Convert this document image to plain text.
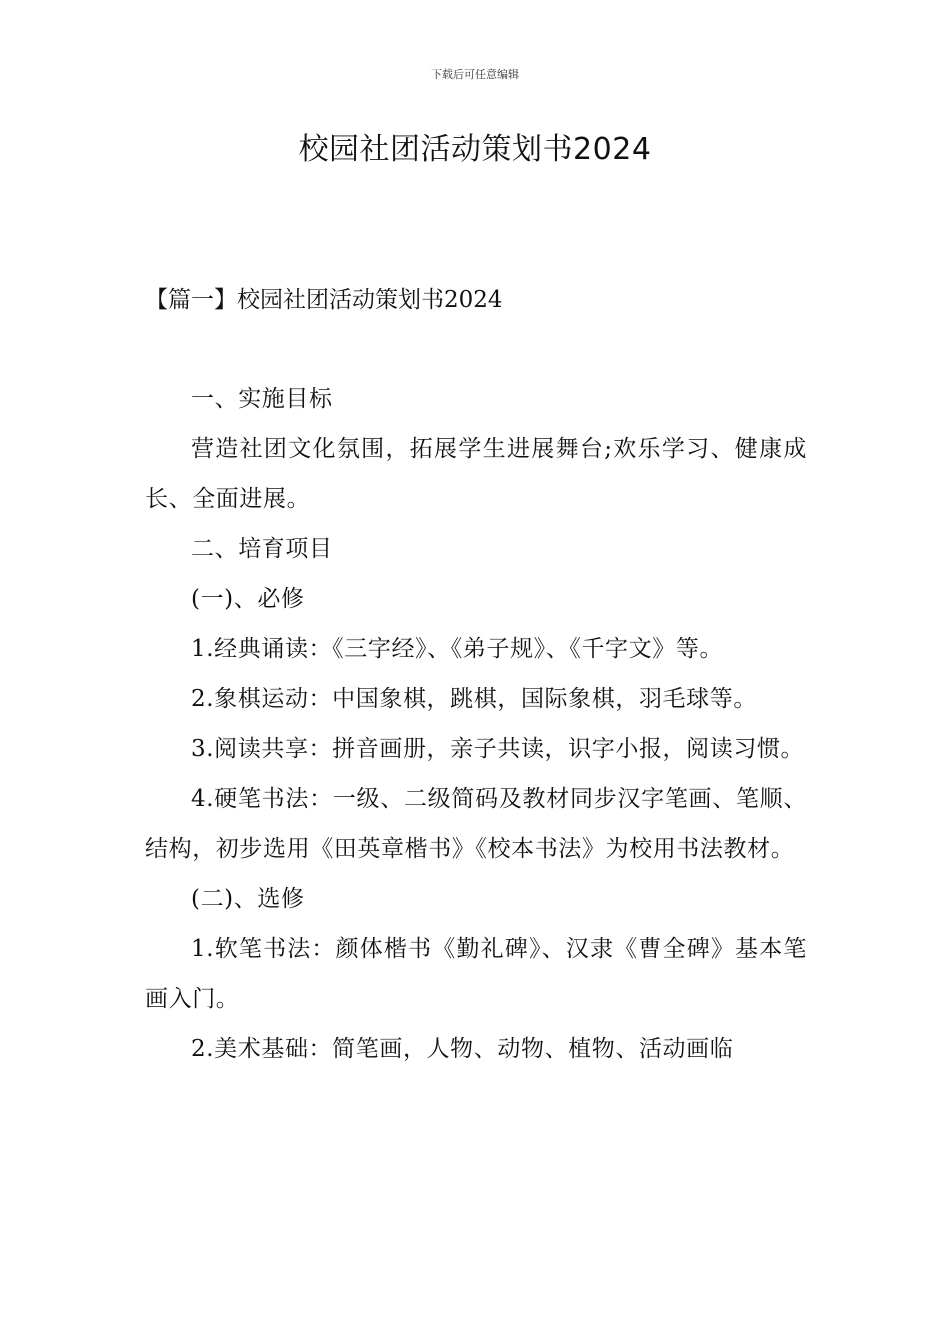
下载后可任意编辑
校园社团活动策划书2024
【篇一】校园社团活动策划书2024

一、实施目标

营造社团文化氛围，拓展学生进展舞台;欢乐学习、健康成长、全面进展。

二、培育项目

(一)、必修

1.经典诵读：《三字经》、《弟子规》、《千字文》等。

2.象棋运动：中国象棋，跳棋，国际象棋，羽毛球等。

3.阅读共享：拼音画册，亲子共读，识字小报，阅读习惯。

4.硬笔书法：一级、二级简码及教材同步汉字笔画、笔顺、结构，初步选用《田英章楷书》《校本书法》为校用书法教材。

(二)、选修

1.软笔书法：颜体楷书《勤礼碑》、汉隶《曹全碑》基本笔画入门。

2.美术基础：简笔画，人物、动物、植物、活动画临
